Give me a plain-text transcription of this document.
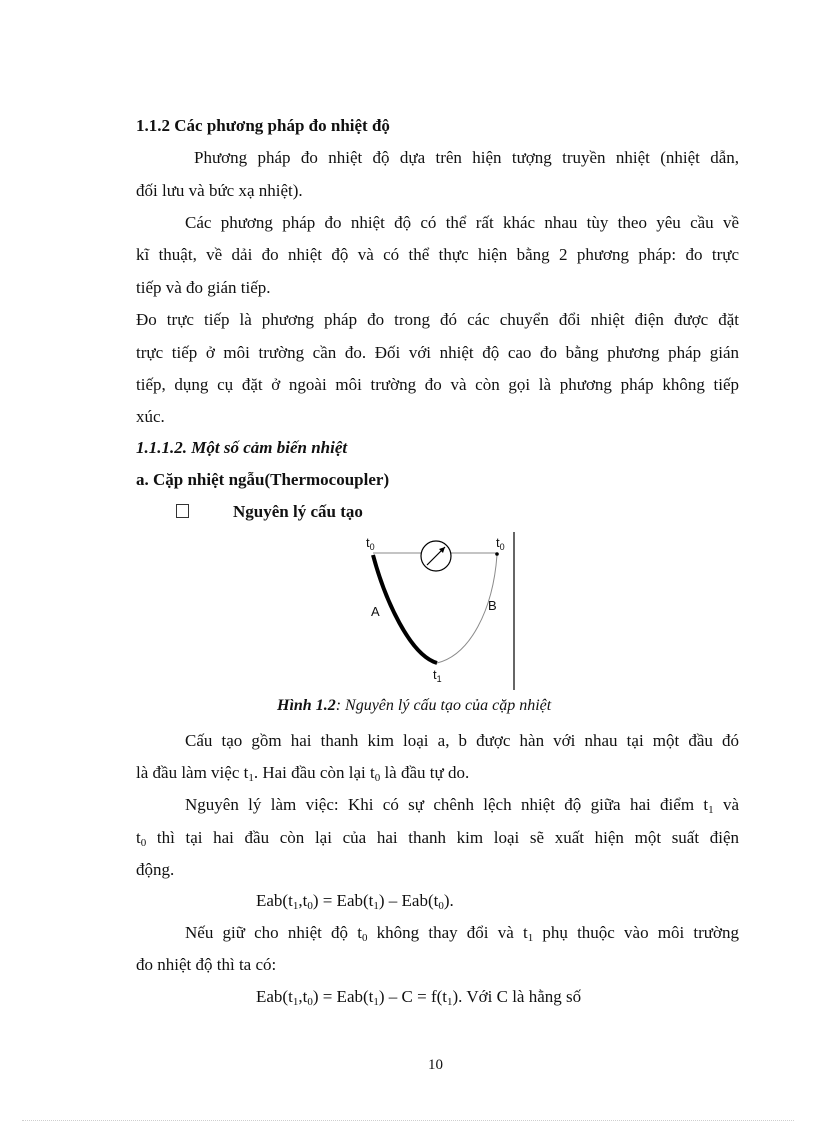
1.1.2 Các phương pháp đo nhiệt độ
Phương pháp đo nhiệt độ dựa trên hiện tượng truyền nhiệt (nhiệt dẫn,
đối lưu và bức xạ nhiệt).
Các phương pháp đo nhiệt độ có thể rất khác nhau tùy theo yêu cầu về
kĩ thuật, về dải đo nhiệt độ và có thể thực hiện bằng 2 phương pháp: đo trực
tiếp và đo gián tiếp.
Đo trực tiếp là phương pháp đo trong đó các chuyển đổi nhiệt điện được đặt
trực tiếp ở môi trường cần đo. Đối với nhiệt độ cao đo bằng phương pháp gián
tiếp, dụng cụ đặt ở ngoài môi trường đo và còn gọi là phương pháp không tiếp
xúc.
1.1.1.2. Một số cảm biến nhiệt
a. Cặp nhiệt ngẫu(Thermocoupler)
Nguyên lý cấu tạo
$t_0$	$t_0$
A	B
$t_1$
Hình 1.2: Nguyên lý cấu tạo của cặp nhiệt
Cấu tạo gồm hai thanh kim loại a, b được hàn với nhau tại một đầu đó
là đầu làm việc $t_1$. Hai đầu còn lại $t_0$ là đầu tự do.
Nguyên lý làm việc: Khi có sự chênh lệch nhiệt độ giữa hai điểm $t_1$ và
$t_0$ thì tại hai đầu còn lại của hai thanh kim loại sẽ xuất hiện một suất điện
động.
$Eab(t_1,t_0) = Eab(t_1) - Eab(t_0)$.
Nếu giữ cho nhiệt độ $t_0$ không thay đổi và $t_1$ phụ thuộc vào môi trường
đo nhiệt độ thì ta có:
$Eab(t_1,t_0) = Eab(t_1) - C = f(t_1)$. Với C là hằng số
10
